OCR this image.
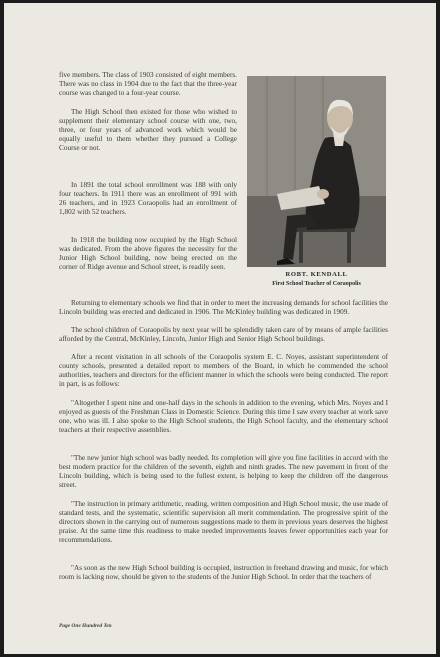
ROBT. KENDALL
First School Teacher of Coraopolis

five members. The class of 1903 consisted of eight members. There was no class in 1904 due to the fact that the three-year course was changed to a four-year course.

The High School then existed for those who wished to supplement their elementary school course with one, two, three, or four years of advanced work which would be equally useful to them whether they pursued a College Course or not.

In 1891 the total school enrollment was 188 with only four teachers. In 1911 there was an enrollment of 991 with 26 teachers, and in 1923 Coraopolis had an enrollment of 1,802 with 52 teachers.

In 1918 the building now occupied by the High School was dedicated. From the above figures the necessity for the Junior High School building, now being erected on the corner of Ridge avenue and School street, is readily seen.

Returning to elementary schools we find that in order to meet the increasing demands for school facilities the Lincoln building was erected and dedicated in 1906. The McKinley building was dedicated in 1909.

The school children of Coraopolis by next year will be splendidly taken care of by means of ample facilities afforded by the Central, McKinley, Lincoln, Junior High and Senior High School buildings.

After a recent visitation in all schools of the Coraopolis system E. C. Noyes, assistant superintendent of county schools, presented a detailed report to members of the Board, in which he commended the school authorities, teachers and directors for the efficient manner in which the schools were being conducted. The report in part, is as follows:

"Altogether I spent nine and one-half days in the schools in addition to the evening, which Mrs. Noyes and I enjoyed as guests of the Freshman Class in Domestic Science. During this time I saw every teacher at work save one, who was ill. I also spoke to the High School students, the High School faculty, and the elementary school teachers at their respective assemblies.

"The new junior high school was badly needed. Its completion will give you fine facilities in accord with the best modern practice for the children of the seventh, eighth and ninth grades. The new pavement in front of the Lincoln building, which is being used to the fullest extent, is helping to keep the children off the dangerous street.

"The instruction in primary arithmetic, reading, written composition and High School music, the use made of standard tests, and the systematic, scientific supervision all merit commendation. The progressive spirit of the directors shown in the carrying out of numerous suggestions made to them in previous years deserves the highest praise. At the same time this readiness to make needed improvements leaves fewer opportunities each year for recommendations.

"As soon as the new High School building is occupied, instruction in freehand drawing and music, for which room is lacking now, should be given to the students of the Junior High School. In order that the teachers of

Page One Hundred Ten
